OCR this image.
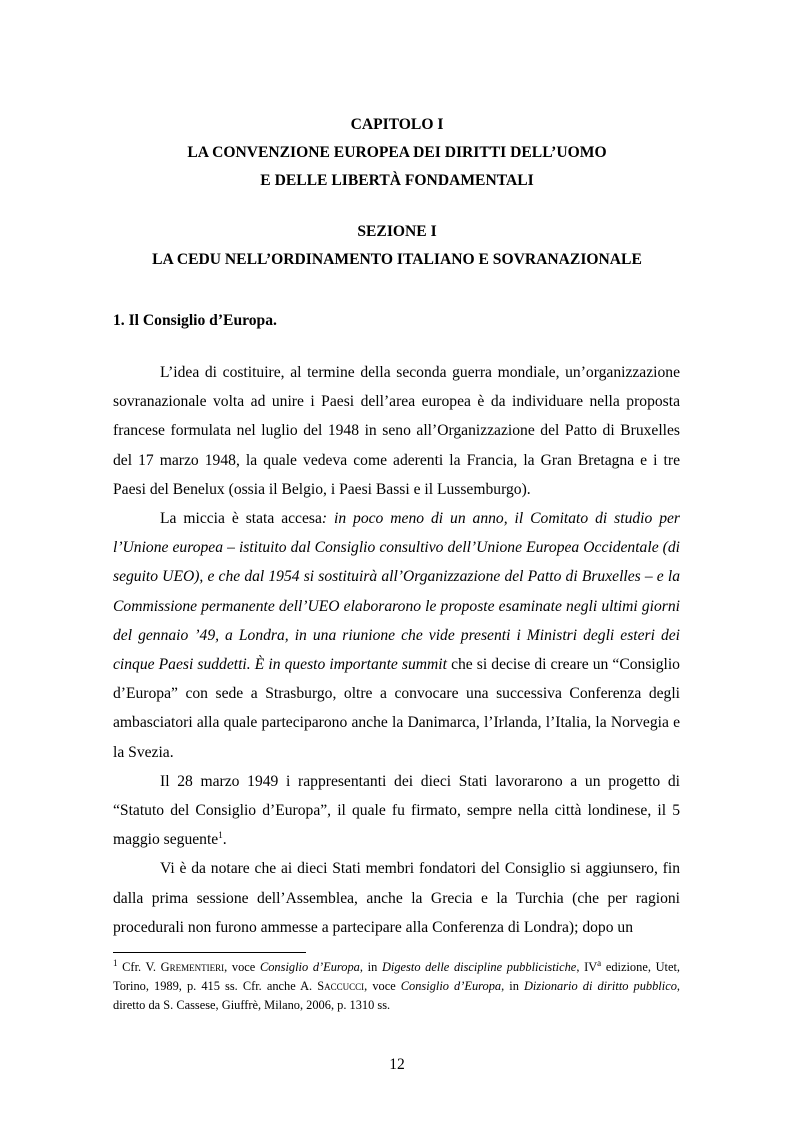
CAPITOLO I
LA CONVENZIONE EUROPEA DEI DIRITTI DELL’UOMO
E DELLE LIBERTÀ FONDAMENTALI
SEZIONE I
LA CEDU NELL’ORDINAMENTO ITALIANO E SOVRANAZIONALE
1. Il Consiglio d’Europa.

L’idea di costituire, al termine della seconda guerra mondiale, un’organizzazione sovranazionale volta ad unire i Paesi dell’area europea è da individuare nella proposta francese formulata nel luglio del 1948 in seno all’Organizzazione del Patto di Bruxelles del 17 marzo 1948, la quale vedeva come aderenti la Francia, la Gran Bretagna e i tre Paesi del Benelux (ossia il Belgio, i Paesi Bassi e il Lussemburgo).

La miccia è stata accesa: in poco meno di un anno, il Comitato di studio per l’Unione europea – istituito dal Consiglio consultivo dell’Unione Europea Occidentale (di seguito UEO), e che dal 1954 si sostituirà all’Organizzazione del Patto di Bruxelles – e la Commissione permanente dell’UEO elaborarono le proposte esaminate negli ultimi giorni del gennaio ’49, a Londra, in una riunione che vide presenti i Ministri degli esteri dei cinque Paesi suddetti. È in questo importante summit che si decise di creare un “Consiglio d’Europa” con sede a Strasburgo, oltre a convocare una successiva Conferenza degli ambasciatori alla quale parteciparono anche la Danimarca, l’Irlanda, l’Italia, la Norvegia e la Svezia.

Il 28 marzo 1949 i rappresentanti dei dieci Stati lavorarono a un progetto di “Statuto del Consiglio d’Europa”, il quale fu firmato, sempre nella città londinese, il 5 maggio seguente$^1$.

Vi è da notare che ai dieci Stati membri fondatori del Consiglio si aggiunsero, fin dalla prima sessione dell’Assemblea, anche la Grecia e la Turchia (che per ragioni procedurali non furono ammesse a partecipare alla Conferenza di Londra); dopo un

$^1$ Cfr. V. Grementieri, voce Consiglio d’Europa, in Digesto delle discipline pubblicistiche, $IV^a$ edizione, Utet, Torino, 1989, p. 415 ss. Cfr. anche A. Saccucci, voce Consiglio d’Europa, in Dizionario di diritto pubblico, diretto da S. Cassese, Giuffrè, Milano, 2006, p. 1310 ss.
12
